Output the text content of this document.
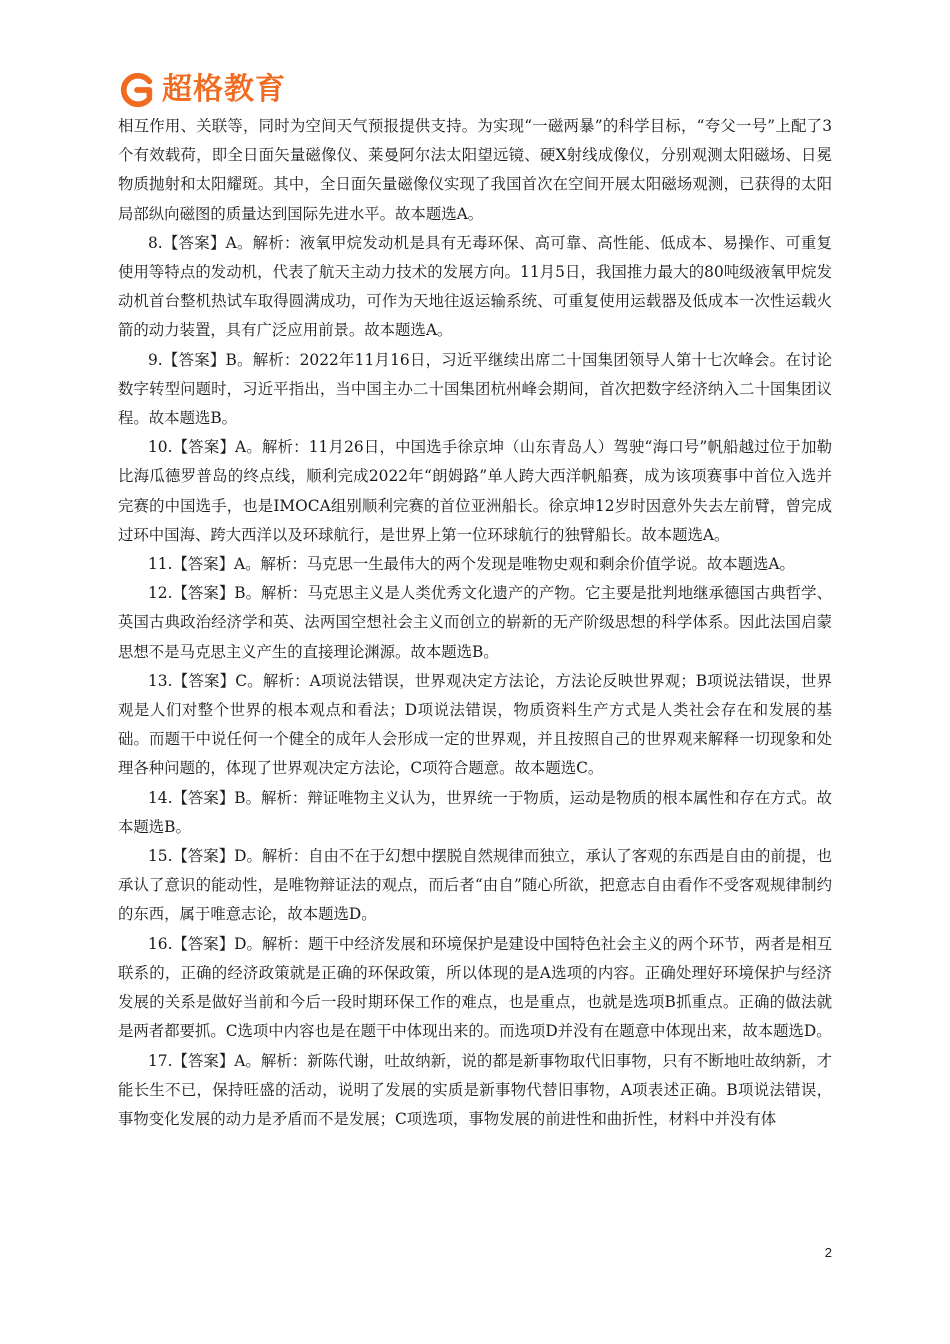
超格教育

相互作用、关联等，同时为空间天气预报提供支持。为实现“一磁两暴”的科学目标，“夸父一号”上配了3个有效载荷，即全日面矢量磁像仪、莱曼阿尔法太阳望远镜、硬X射线成像仪，分别观测太阳磁场、日冕物质抛射和太阳耀斑。其中，全日面矢量磁像仪实现了我国首次在空间开展太阳磁场观测，已获得的太阳局部纵向磁图的质量达到国际先进水平。故本题选A。

8.【答案】A。解析：液氧甲烷发动机是具有无毒环保、高可靠、高性能、低成本、易操作、可重复使用等特点的发动机，代表了航天主动力技术的发展方向。11月5日，我国推力最大的80吨级液氧甲烷发动机首台整机热试车取得圆满成功，可作为天地往返运输系统、可重复使用运载器及低成本一次性运载火箭的动力装置，具有广泛应用前景。故本题选A。

9.【答案】B。解析：2022年11月16日，习近平继续出席二十国集团领导人第十七次峰会。在讨论数字转型问题时，习近平指出，当中国主办二十国集团杭州峰会期间，首次把数字经济纳入二十国集团议程。故本题选B。

10.【答案】A。解析：11月26日，中国选手徐京坤（山东青岛人）驾驶“海口号”帆船越过位于加勒比海瓜德罗普岛的终点线，顺利完成2022年“朗姆路”单人跨大西洋帆船赛，成为该项赛事中首位入选并完赛的中国选手，也是IMOCA组别顺利完赛的首位亚洲船长。徐京坤12岁时因意外失去左前臂，曾完成过环中国海、跨大西洋以及环球航行，是世界上第一位环球航行的独臂船长。故本题选A。

11.【答案】A。解析：马克思一生最伟大的两个发现是唯物史观和剩余价值学说。故本题选A。

12.【答案】B。解析：马克思主义是人类优秀文化遗产的产物。它主要是批判地继承德国古典哲学、英国古典政治经济学和英、法两国空想社会主义而创立的崭新的无产阶级思想的科学体系。因此法国启蒙思想不是马克思主义产生的直接理论渊源。故本题选B。

13.【答案】C。解析：A项说法错误，世界观决定方法论，方法论反映世界观；B项说法错误，世界观是人们对整个世界的根本观点和看法；D项说法错误，物质资料生产方式是人类社会存在和发展的基础。而题干中说任何一个健全的成年人会形成一定的世界观，并且按照自己的世界观来解释一切现象和处理各种问题的，体现了世界观决定方法论，C项符合题意。故本题选C。

14.【答案】B。解析：辩证唯物主义认为，世界统一于物质，运动是物质的根本属性和存在方式。故本题选B。

15.【答案】D。解析：自由不在于幻想中摆脱自然规律而独立，承认了客观的东西是自由的前提，也承认了意识的能动性，是唯物辩证法的观点，而后者“由自”随心所欲，把意志自由看作不受客观规律制约的东西，属于唯意志论，故本题选D。

16.【答案】D。解析：题干中经济发展和环境保护是建设中国特色社会主义的两个环节，两者是相互联系的，正确的经济政策就是正确的环保政策，所以体现的是A选项的内容。正确处理好环境保护与经济发展的关系是做好当前和今后一段时期环保工作的难点，也是重点，也就是选项B抓重点。正确的做法就是两者都要抓。C选项中内容也是在题干中体现出来的。而选项D并没有在题意中体现出来，故本题选D。

17.【答案】A。解析：新陈代谢，吐故纳新，说的都是新事物取代旧事物，只有不断地吐故纳新，才能长生不已，保持旺盛的活动，说明了发展的实质是新事物代替旧事物，A项表述正确。B项说法错误，事物变化发展的动力是矛盾而不是发展；C项选项，事物发展的前进性和曲折性，材料中并没有体

2
